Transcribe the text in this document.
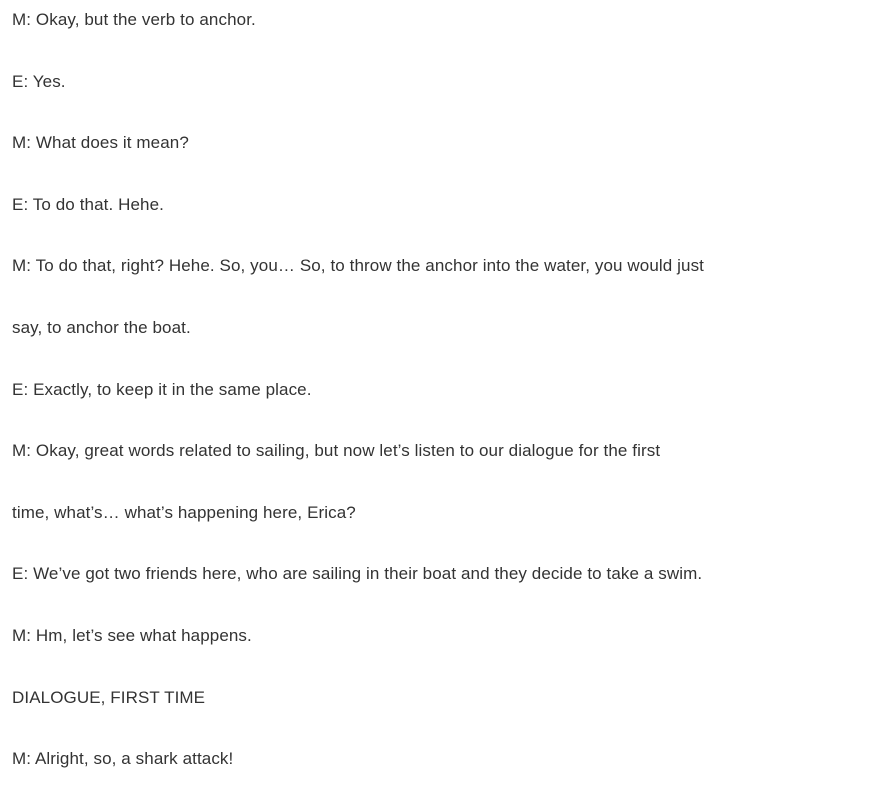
M: Okay, but the verb to anchor.
E: Yes.
M: What does it mean?
E: To do that. Hehe.
M: To do that, right? Hehe. So, you… So, to throw the anchor into the water, you would just
say, to anchor the boat.
E: Exactly, to keep it in the same place.
M: Okay, great words related to sailing, but now let’s listen to our dialogue for the first
time, what’s… what’s happening here, Erica?
E: We’ve got two friends here, who are sailing in their boat and they decide to take a swim.
M: Hm, let’s see what happens.
DIALOGUE, FIRST TIME
M: Alright, so, a shark attack!
